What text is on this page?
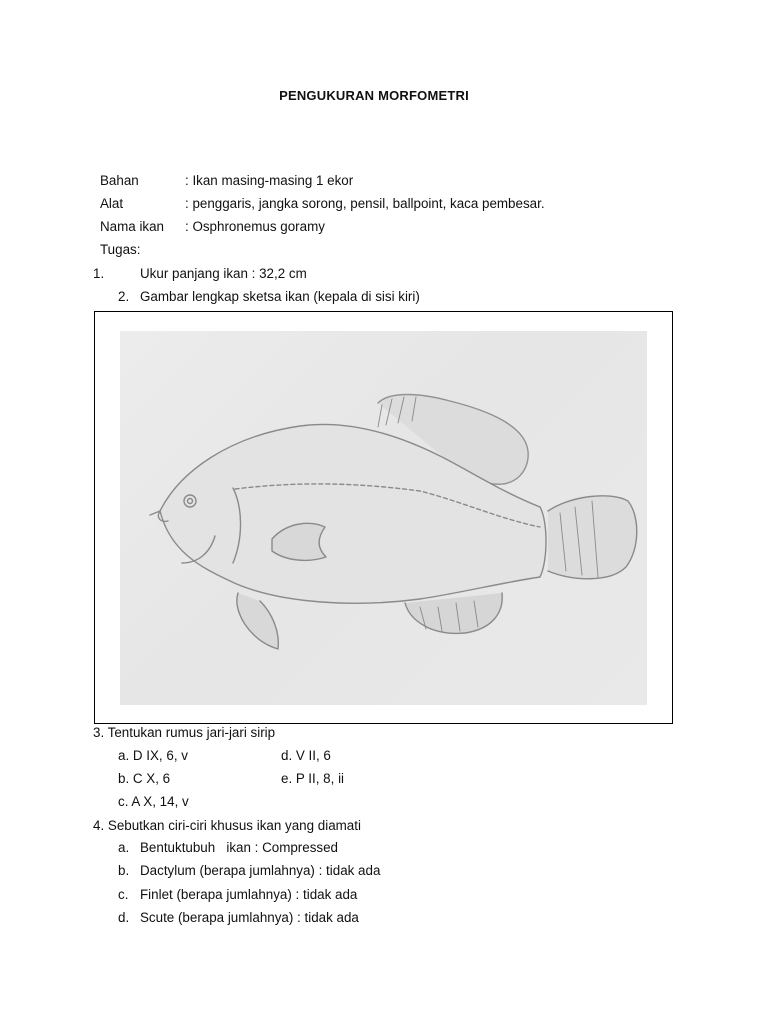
PENGUKURAN MORFOMETRI
Bahan	: Ikan masing-masing 1 ekor
Alat	: penggaris, jangka sorong, pensil, ballpoint, kaca pembesar.
Nama ikan : Osphronemus goramy
Tugas:
1.	Ukur panjang ikan : 32,2 cm
2. Gambar lengkap sketsa ikan (kepala di sisi kiri)
3. Tentukan rumus jari-jari sirip
a. D IX, 6, v	d. V II, 6
b. C X, 6	e. P II, 8, ii
c. A X, 14, v
4. Sebutkan ciri-ciri khusus ikan yang diamati
a. Bentuktubuh   ikan : Compressed
b. Dactylum (berapa jumlahnya) : tidak ada
c. Finlet (berapa jumlahnya) : tidak ada
d. Scute (berapa jumlahnya) : tidak ada
